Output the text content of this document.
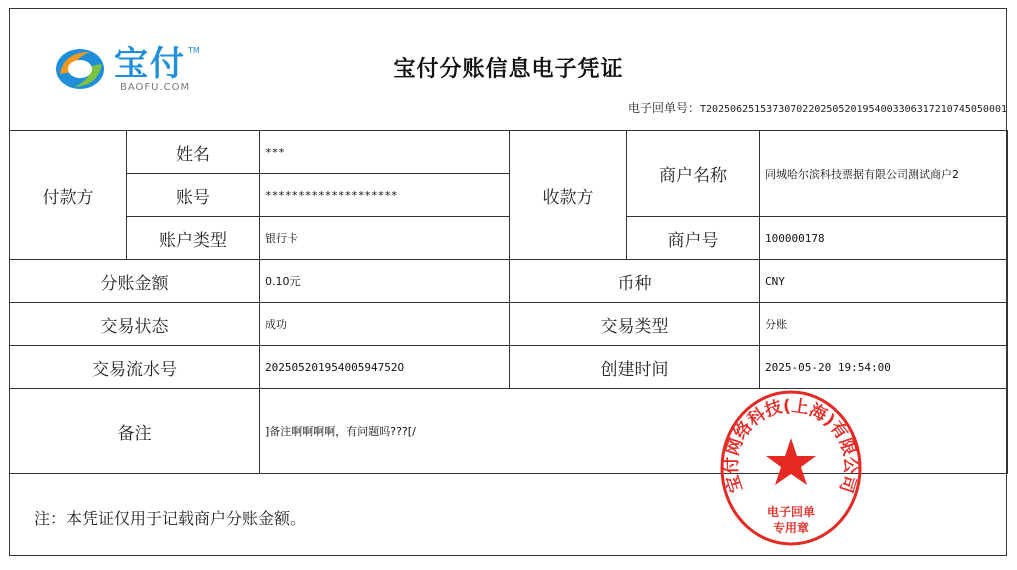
宝付 TM
BAOFU.COM
宝付分账信息电子凭证
电子回单号：T20250625153730702202505201954003306317210745050001
付款方	姓名	***	收款方	商户名称	同城哈尔滨科技票据有限公司测试商户2
	账号	********************			
	账户类型	银行卡		商户号	100000178
分账金额		0.10元	币种		CNY
交易状态		成功	交易类型		分账
交易流水号		20250520195400594752O	创建时间		2025-05-20 19:54:00
备注		]备注啊啊啊啊，有问题吗???[/			
注：本凭证仅用于记载商户分账金额。
宝付网络科技(上海)有限公司
电子回单
专用章
